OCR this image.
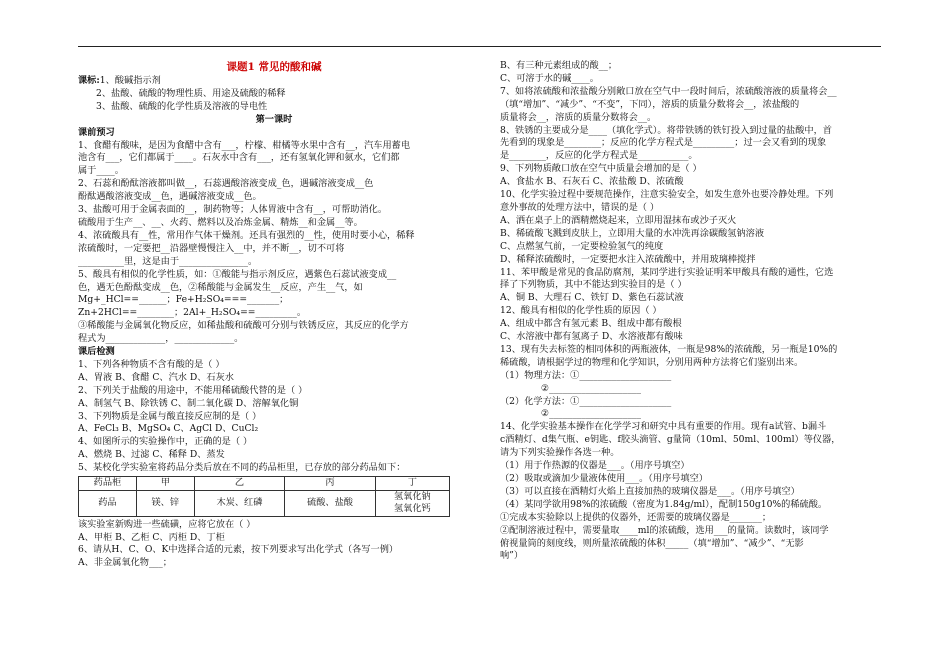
课题1 常见的酸和碱

课标:1、酸碱指示剂

2、盐酸、硫酸的物理性质、用途及硫酸的稀释

3、盐酸、硫酸的化学性质及溶液的导电性

第一课时

课前预习

1、食醋有酸味，是因为食醋中含有___，柠檬、柑橘等水果中含有__，汽车用蓄电

池含有___，它们都属于____。石灰水中含有___，还有氢氧化钾和氨水，它们都

属于____。

2、石蕊和酚酞溶液都叫做__，石蕊遇酸溶液变成_色，遇碱溶液变成__色

酚酞遇酸溶液变成__色，遇碱溶液变成__色。

3、盐酸可用于金属表面的__，制药物等；人体胃液中含有__，可帮助消化。

硫酸用于生产__、__、火药、燃料以及冶炼金属、精炼__和金属__等。

4、浓硫酸具有__性，常用作气体干燥剂。还具有强烈的__性，使用时要小心，稀释

浓硫酸时，一定要把__沿器壁慢慢注入__中，并不断__，切不可将

__________里，这是由于_______________。

5、酸具有相似的化学性质，如：①酸能与指示剂反应，遇紫色石蕊试液变成__

色，遇无色酚酞变成__色，②稀酸能与金属发生__反应，产生__气，如

Mg+_HCl==______；Fe+H₂SO₄===_______；

Zn+2HCl==________；2Al+_H₂SO₄==_________。

③稀酸能与金属氧化物反应，如稀盐酸和硫酸可分别与铁锈反应，其反应的化学方

程式为_____________，_____________。

课后检测

1、下列各种物质不含有酸的是（ ）

A、胃液 B、食醋 C、汽水 D、石灰水

2、下列关于盐酸的用途中，不能用稀硫酸代替的是（ ）

A、制氢气 B、除铁锈 C、制二氧化碳 D、溶解氧化铜

3、下列物质是金属与酸直接反应制的是（ ）

A、FeCl₃ B、MgSO₄ C、AgCl D、CuCl₂

4、如图所示的实验操作中，正确的是（ ）

A、燃烧 B、过滤 C、稀释 D、蒸发

5、某校化学实验室将药品分类后放在不同的药品柜里，已存放的部分药品如下：

药品柜	甲	乙	丙	丁
药品	镁、锌	木炭、红磷	硫酸、盐酸	氢氧化钠
氢氧化钙

该实验室新购进一些硫磺，应将它放在（ ）

A、甲柜 B、乙柜 C、丙柜 D、丁柜

6、请从H、C、O、K中选择合适的元素，按下列要求写出化学式（各写一例）

A、非金属氧化物___；

B、有三种元素组成的酸__；

C、可溶于水的碱____。

7、如将浓硫酸和浓盐酸分别敞口放在空气中一段时间后，浓硫酸溶液的质量将会__

（填“增加”、“减少”、“不变”，下同），溶质的质量分数将会__，浓盐酸的

质量将会__，溶质的质量分数将会__。

8、铁锈的主要成分是____（填化学式）。将带铁锈的铁钉投入到过量的盐酸中，首

先看到的现象是________；反应的化学方程式是_________；过一会又看到的现象

是________，反应的化学方程式是___________。

9、下列物质敞口放在空气中质量会增加的是（ ）

A、食盐水 B、石灰石 C、浓盐酸 D、浓硫酸

10、化学实验过程中要规范操作，注意实验安全，如发生意外也要冷静处理。下列

意外事故的处理方法中，错误的是（ ）

A、洒在桌子上的酒精燃烧起来，立即用湿抹布或沙子灭火

B、稀硫酸飞溅到皮肤上，立即用大量的水冲洗再涂碳酸氢钠溶液

C、点燃氢气前，一定要检验氢气的纯度

D、稀释浓硫酸时，一定要把水注入浓硫酸中，并用玻璃棒搅拌

11、苯甲酸是常见的食品防腐剂，某同学进行实验证明苯甲酸具有酸的通性，它选

择了下列物质，其中不能达到实验目的是（ ）

A、铜 B、大理石 C、铁钉 D、紫色石蕊试液

12、酸具有相似的化学性质的原因（ ）

A、组成中都含有氢元素 B、组成中都有酸根

C、水溶液中都有氢离子 D、水溶液都有酸味

13、现有失去标签的相同体积的两瓶液体，一瓶是98%的浓硫酸，另一瓶是10%的

稀硫酸，请根据学过的物理和化学知识，分别用两种方法将它们鉴别出来。

（1）物理方法：①____________________

②____________________

（2）化学方法：①____________________

②____________________

14、化学实验基本操作在化学学习和研究中具有重要的作用。现有a试管、b漏斗

c酒精灯、d集气瓶、e钥匙、f胶头滴管、g量筒（10ml、50ml、100ml）等仪器，

请为下列实验操作各选一种。

（1）用于作热源的仪器是___。（用序号填空）

（2）吸取或滴加少量液体使用___。（用序号填空）

（3）可以直接在酒精灯火焰上直接加热的玻璃仪器是___。（用序号填空）

（4）某同学欲用98%的浓硫酸（密度为1.84g/ml），配制150g10%的稀硫酸。

①完成本实验除以上提供的仪器外，还需要的玻璃仪器是_______；

②配制溶液过程中，需要量取____ml的浓硫酸，选用___的量筒。读数时，该同学

俯视量筒的刻度线，则所量浓硫酸的体积_____（填“增加”、“减少”、“无影

响”）
